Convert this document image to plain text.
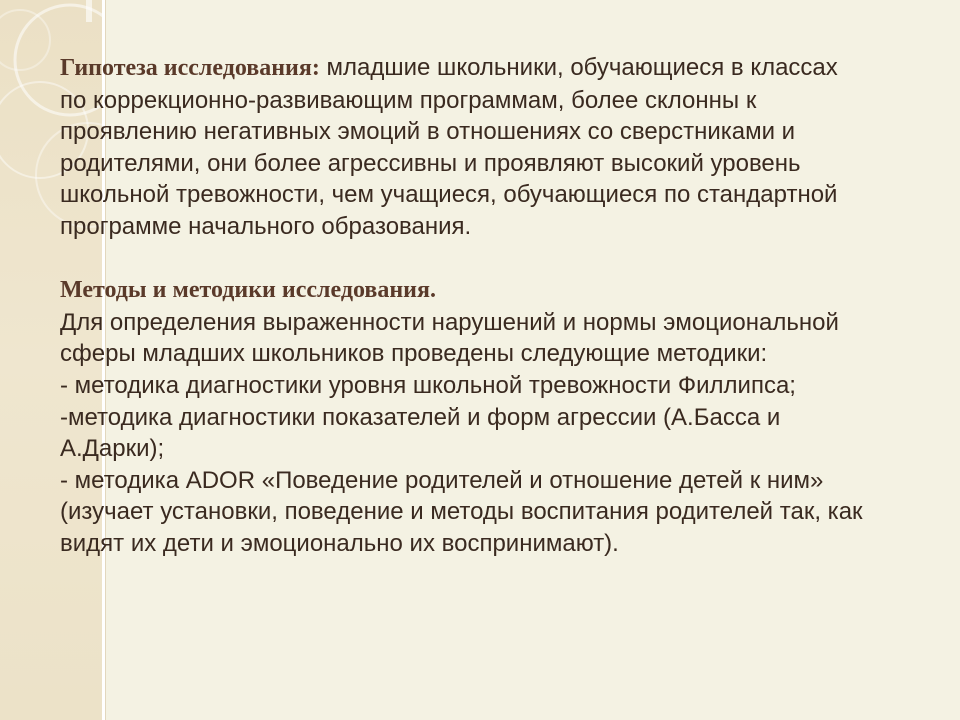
Гипотеза исследования: младшие школьники, обучающиеся в классах
по коррекционно-развивающим программам, более склонны к
проявлению негативных эмоций в отношениях со сверстниками и
родителями, они более агрессивны и проявляют высокий уровень
школьной тревожности, чем учащиеся, обучающиеся по стандартной
программе начального образования.

Методы и методики исследования.
Для определения выраженности нарушений и нормы эмоциональной
сферы младших школьников проведены следующие методики:
- методика диагностики уровня школьной тревожности Филлипса;
-методика диагностики показателей и форм агрессии (А.Басса и
А.Дарки);
- методика ADOR «Поведение родителей и отношение детей к ним»
(изучает установки, поведение и методы воспитания родителей так, как
видят их дети и эмоционально их воспринимают).
